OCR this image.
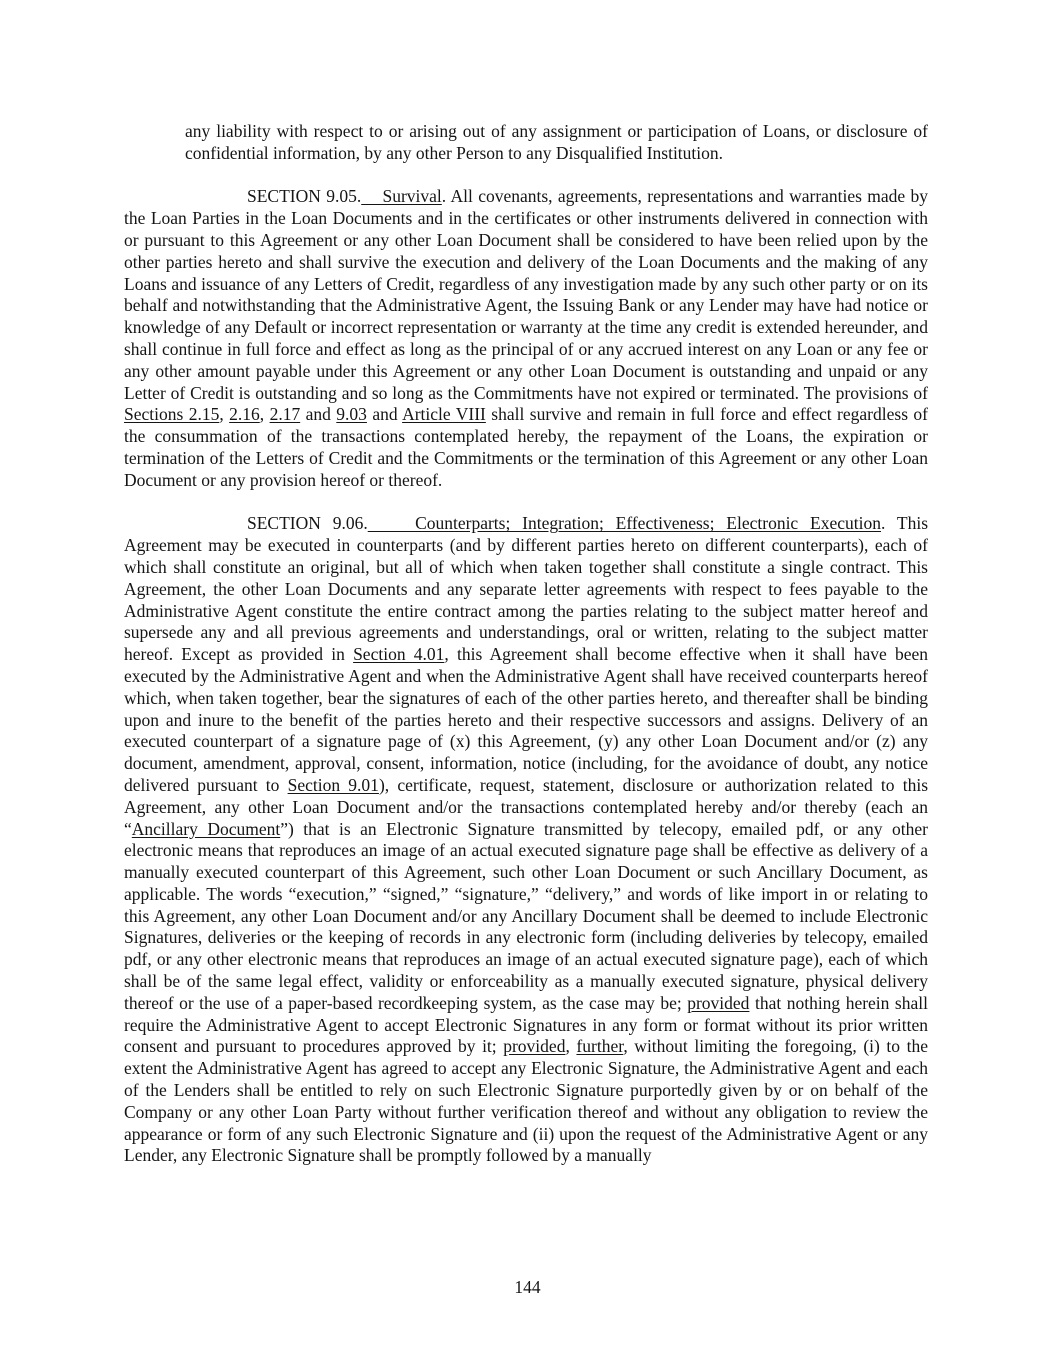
any liability with respect to or arising out of any assignment or participation of Loans, or disclosure of confidential information, by any other Person to any Disqualified Institution.

SECTION 9.05.    Survival. All covenants, agreements, representations and warranties made by the Loan Parties in the Loan Documents and in the certificates or other instruments delivered in connection with or pursuant to this Agreement or any other Loan Document shall be considered to have been relied upon by the other parties hereto and shall survive the execution and delivery of the Loan Documents and the making of any Loans and issuance of any Letters of Credit, regardless of any investigation made by any such other party or on its behalf and notwithstanding that the Administrative Agent, the Issuing Bank or any Lender may have had notice or knowledge of any Default or incorrect representation or warranty at the time any credit is extended hereunder, and shall continue in full force and effect as long as the principal of or any accrued interest on any Loan or any fee or any other amount payable under this Agreement or any other Loan Document is outstanding and unpaid or any Letter of Credit is outstanding and so long as the Commitments have not expired or terminated. The provisions of Sections 2.15, 2.16, 2.17 and 9.03 and Article VIII shall survive and remain in full force and effect regardless of the consummation of the transactions contemplated hereby, the repayment of the Loans, the expiration or termination of the Letters of Credit and the Commitments or the termination of this Agreement or any other Loan Document or any provision hereof or thereof.

SECTION 9.06.    Counterparts; Integration; Effectiveness; Electronic Execution. This Agreement may be executed in counterparts (and by different parties hereto on different counterparts), each of which shall constitute an original, but all of which when taken together shall constitute a single contract. This Agreement, the other Loan Documents and any separate letter agreements with respect to fees payable to the Administrative Agent constitute the entire contract among the parties relating to the subject matter hereof and supersede any and all previous agreements and understandings, oral or written, relating to the subject matter hereof. Except as provided in Section 4.01, this Agreement shall become effective when it shall have been executed by the Administrative Agent and when the Administrative Agent shall have received counterparts hereof which, when taken together, bear the signatures of each of the other parties hereto, and thereafter shall be binding upon and inure to the benefit of the parties hereto and their respective successors and assigns. Delivery of an executed counterpart of a signature page of (x) this Agreement, (y) any other Loan Document and/or (z) any document, amendment, approval, consent, information, notice (including, for the avoidance of doubt, any notice delivered pursuant to Section 9.01), certificate, request, statement, disclosure or authorization related to this Agreement, any other Loan Document and/or the transactions contemplated hereby and/or thereby (each an “Ancillary Document”) that is an Electronic Signature transmitted by telecopy, emailed pdf, or any other electronic means that reproduces an image of an actual executed signature page shall be effective as delivery of a manually executed counterpart of this Agreement, such other Loan Document or such Ancillary Document, as applicable. The words “execution,” “signed,” “signature,” “delivery,” and words of like import in or relating to this Agreement, any other Loan Document and/or any Ancillary Document shall be deemed to include Electronic Signatures, deliveries or the keeping of records in any electronic form (including deliveries by telecopy, emailed pdf, or any other electronic means that reproduces an image of an actual executed signature page), each of which shall be of the same legal effect, validity or enforceability as a manually executed signature, physical delivery thereof or the use of a paper-based recordkeeping system, as the case may be; provided that nothing herein shall require the Administrative Agent to accept Electronic Signatures in any form or format without its prior written consent and pursuant to procedures approved by it; provided, further, without limiting the foregoing, (i) to the extent the Administrative Agent has agreed to accept any Electronic Signature, the Administrative Agent and each of the Lenders shall be entitled to rely on such Electronic Signature purportedly given by or on behalf of the Company or any other Loan Party without further verification thereof and without any obligation to review the appearance or form of any such Electronic Signature and (ii) upon the request of the Administrative Agent or any Lender, any Electronic Signature shall be promptly followed by a manually

144
